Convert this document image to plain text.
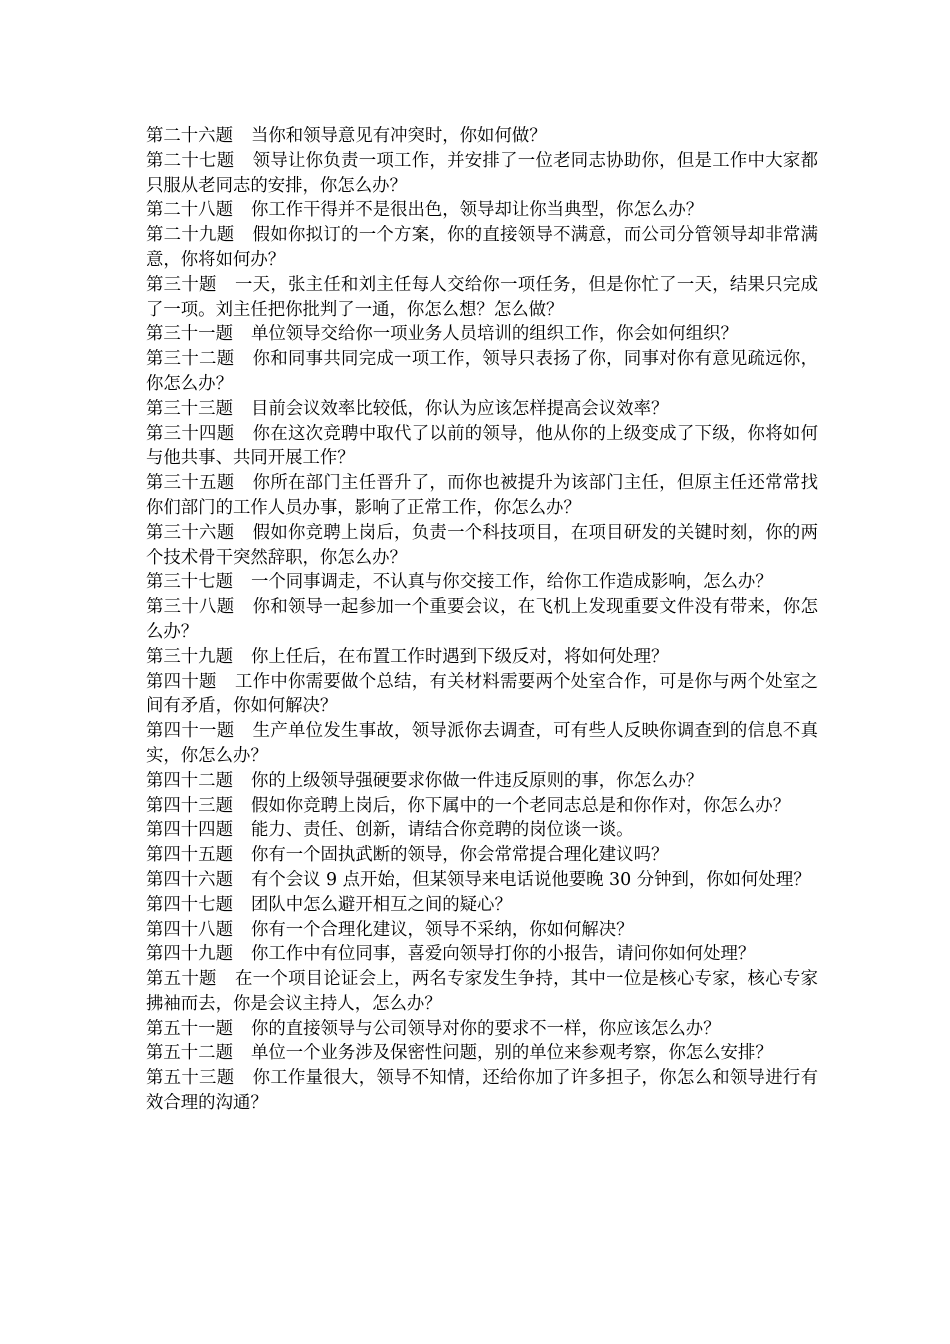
第二十六题 当你和领导意见有冲突时，你如何做？

第二十七题 领导让你负责一项工作，并安排了一位老同志协助你，但是工作中大家都只服从老同志的安排，你怎么办？

第二十八题 你工作干得并不是很出色，领导却让你当典型，你怎么办？

第二十九题 假如你拟订的一个方案，你的直接领导不满意，而公司分管领导却非常满意，你将如何办？

第三十题 一天，张主任和刘主任每人交给你一项任务，但是你忙了一天，结果只完成了一项。刘主任把你批判了一通，你怎么想？怎么做？

第三十一题 单位领导交给你一项业务人员培训的组织工作，你会如何组织？

第三十二题 你和同事共同完成一项工作，领导只表扬了你，同事对你有意见疏远你，你怎么办？

第三十三题 目前会议效率比较低，你认为应该怎样提高会议效率？

第三十四题 你在这次竞聘中取代了以前的领导，他从你的上级变成了下级，你将如何与他共事、共同开展工作？

第三十五题 你所在部门主任晋升了，而你也被提升为该部门主任，但原主任还常常找你们部门的工作人员办事，影响了正常工作，你怎么办？

第三十六题 假如你竞聘上岗后，负责一个科技项目，在项目研发的关键时刻，你的两个技术骨干突然辞职，你怎么办？

第三十七题 一个同事调走，不认真与你交接工作，给你工作造成影响，怎么办？

第三十八题 你和领导一起参加一个重要会议，在飞机上发现重要文件没有带来，你怎么办？

第三十九题 你上任后，在布置工作时遇到下级反对，将如何处理？

第四十题 工作中你需要做个总结，有关材料需要两个处室合作，可是你与两个处室之间有矛盾，你如何解决？

第四十一题 生产单位发生事故，领导派你去调查，可有些人反映你调查到的信息不真实，你怎么办？

第四十二题 你的上级领导强硬要求你做一件违反原则的事，你怎么办？

第四十三题 假如你竞聘上岗后，你下属中的一个老同志总是和你作对，你怎么办？

第四十四题 能力、责任、创新，请结合你竞聘的岗位谈一谈。

第四十五题 你有一个固执武断的领导，你会常常提合理化建议吗？

第四十六题 有个会议 9 点开始，但某领导来电话说他要晚 30 分钟到，你如何处理？

第四十七题 团队中怎么避开相互之间的疑心？

第四十八题 你有一个合理化建议，领导不采纳，你如何解决？

第四十九题 你工作中有位同事，喜爱向领导打你的小报告，请问你如何处理？

第五十题 在一个项目论证会上，两名专家发生争持，其中一位是核心专家，核心专家拂袖而去，你是会议主持人，怎么办？

第五十一题 你的直接领导与公司领导对你的要求不一样，你应该怎么办？

第五十二题 单位一个业务涉及保密性问题，别的单位来参观考察，你怎么安排？

第五十三题 你工作量很大，领导不知情，还给你加了许多担子，你怎么和领导进行有效合理的沟通？
